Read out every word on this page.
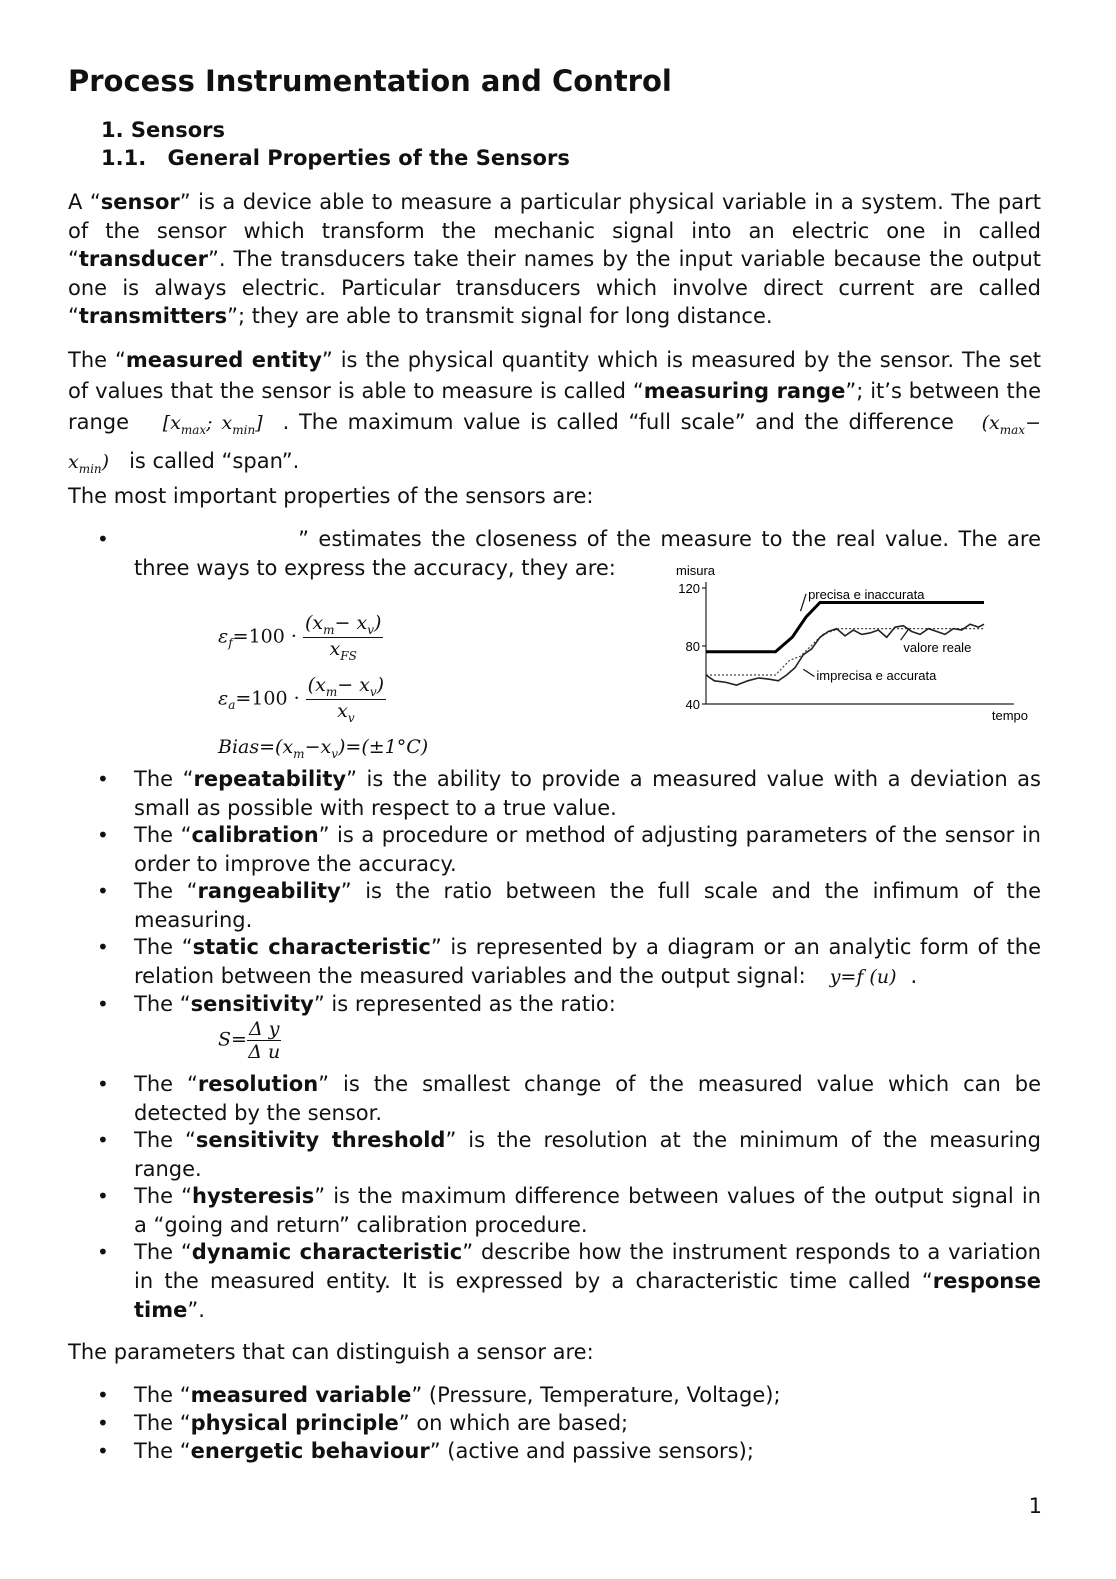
Process Instrumentation and Control
1. Sensors
1.1. General Properties of the Sensors

A “sensor” is a device able to measure a particular physical variable in a system. The part of the sensor which transform the mechanic signal into an electric one in called “transducer”. The transducers take their names by the input variable because the output one is always electric. Particular transducers which involve direct current are called “transmitters”; they are able to transmit signal for long distance.

The “measured entity” is the physical quantity which is measured by the sensor. The set of values that the sensor is able to measure is called “measuring range”; it’s between the range [$x_{max}$; $x_{min}$] . The maximum value is called “full scale” and the difference $(x_{max}- x_{min})$ is called “span”.

The most important properties of the sensors are:

•	” estimates the closeness of the measure to the real value. The are three ways to express the accuracy, they are:
$\varepsilon_f=100 \cdot \frac{(x_m- x_v)}{x_{FS}}$
$\varepsilon_a=100 \cdot \frac{(x_m- x_v)}{x_v}$
$Bias=(x_m-x_v)=(\pm 1^\circ C)$
120
80
40
misura
tempo
precisa e inaccurata
valore reale
imprecisa e accurata
• The “repeatability” is the ability to provide a measured value with a deviation as small as possible with respect to a true value.
• The “calibration” is a procedure or method of adjusting parameters of the sensor in order to improve the accuracy.
• The “rangeability” is the ratio between the full scale and the infimum of the measuring.
• The “static characteristic” is represented by a diagram or an analytic form of the relation between the measured variables and the output signal: y=f (u) .
• The “sensitivity” is represented as the ratio:
• The “resolution” is the smallest change of the measured value which can be detected by the sensor.
• The “sensitivity threshold” is the resolution at the minimum of the measuring range.
• The “hysteresis” is the maximum difference between values of the output signal in a “going and return” calibration procedure.
• The “dynamic characteristic” describe how the instrument responds to a variation in the measured entity. It is expressed by a characteristic time called “response time”.
$S= \frac{\text{Δ y}}{\text{Δ u}}$

The parameters that can distinguish a sensor are:

• The “measured variable” (Pressure, Temperature, Voltage);
• The “physical principle” on which are based;
• The “energetic behaviour” (active and passive sensors);
1
